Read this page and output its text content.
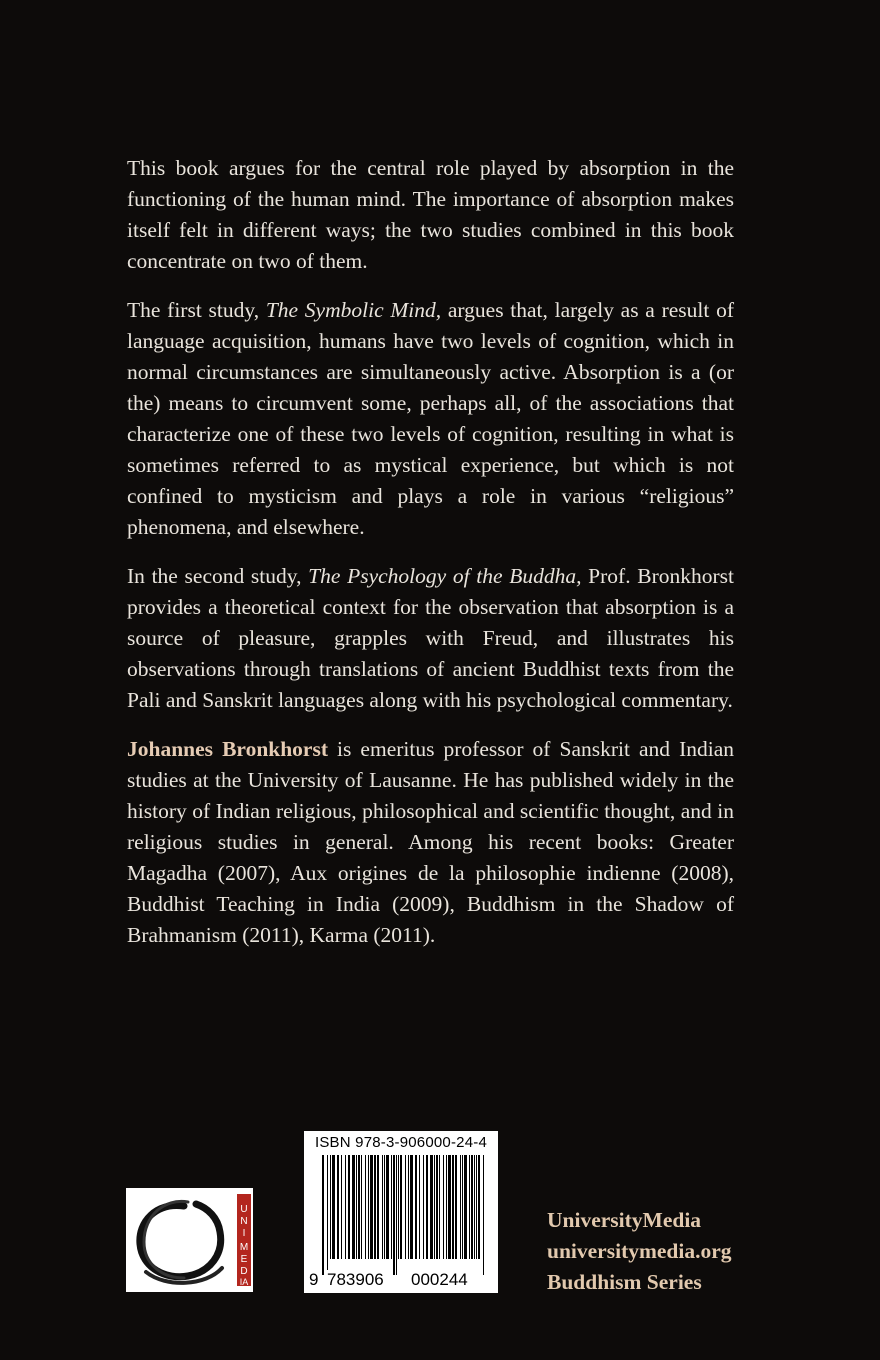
This book argues for the central role played by absorption in the functioning of the human mind. The importance of absorption makes itself felt in different ways; the two studies combined in this book concentrate on two of them.

The first study, The Symbolic Mind, argues that, largely as a result of language acquisition, humans have two levels of cognition, which in normal circumstances are simultaneously active. Absorption is a (or the) means to circumvent some, perhaps all, of the associations that characterize one of these two levels of cognition, resulting in what is sometimes referred to as mystical experience, but which is not confined to mysticism and plays a role in various “religious” phenomena, and elsewhere.

In the second study, The Psychology of the Buddha, Prof. Bronkhorst provides a theoretical context for the observation that absorption is a source of pleasure, grapples with Freud, and illustrates his observations through translations of ancient Buddhist texts from the Pali and Sanskrit languages along with his psychological commentary.

Johannes Bronkhorst is emeritus professor of Sanskrit and Indian studies at the University of Lausanne. He has published widely in the history of Indian religious, philosophical and scientific thought, and in religious studies in general. Among his recent books: Greater Magadha (2007), Aux origines de la philosophie indienne (2008), Buddhist Teaching in India (2009), Buddhism in the Shadow of Brahmanism (2011), Karma (2011).

U
N
I
M
E
D
IA
ISBN 978-3-906000-24-4
9 783906 000244
UniversityMedia
universitymedia.org
Buddhism Series
